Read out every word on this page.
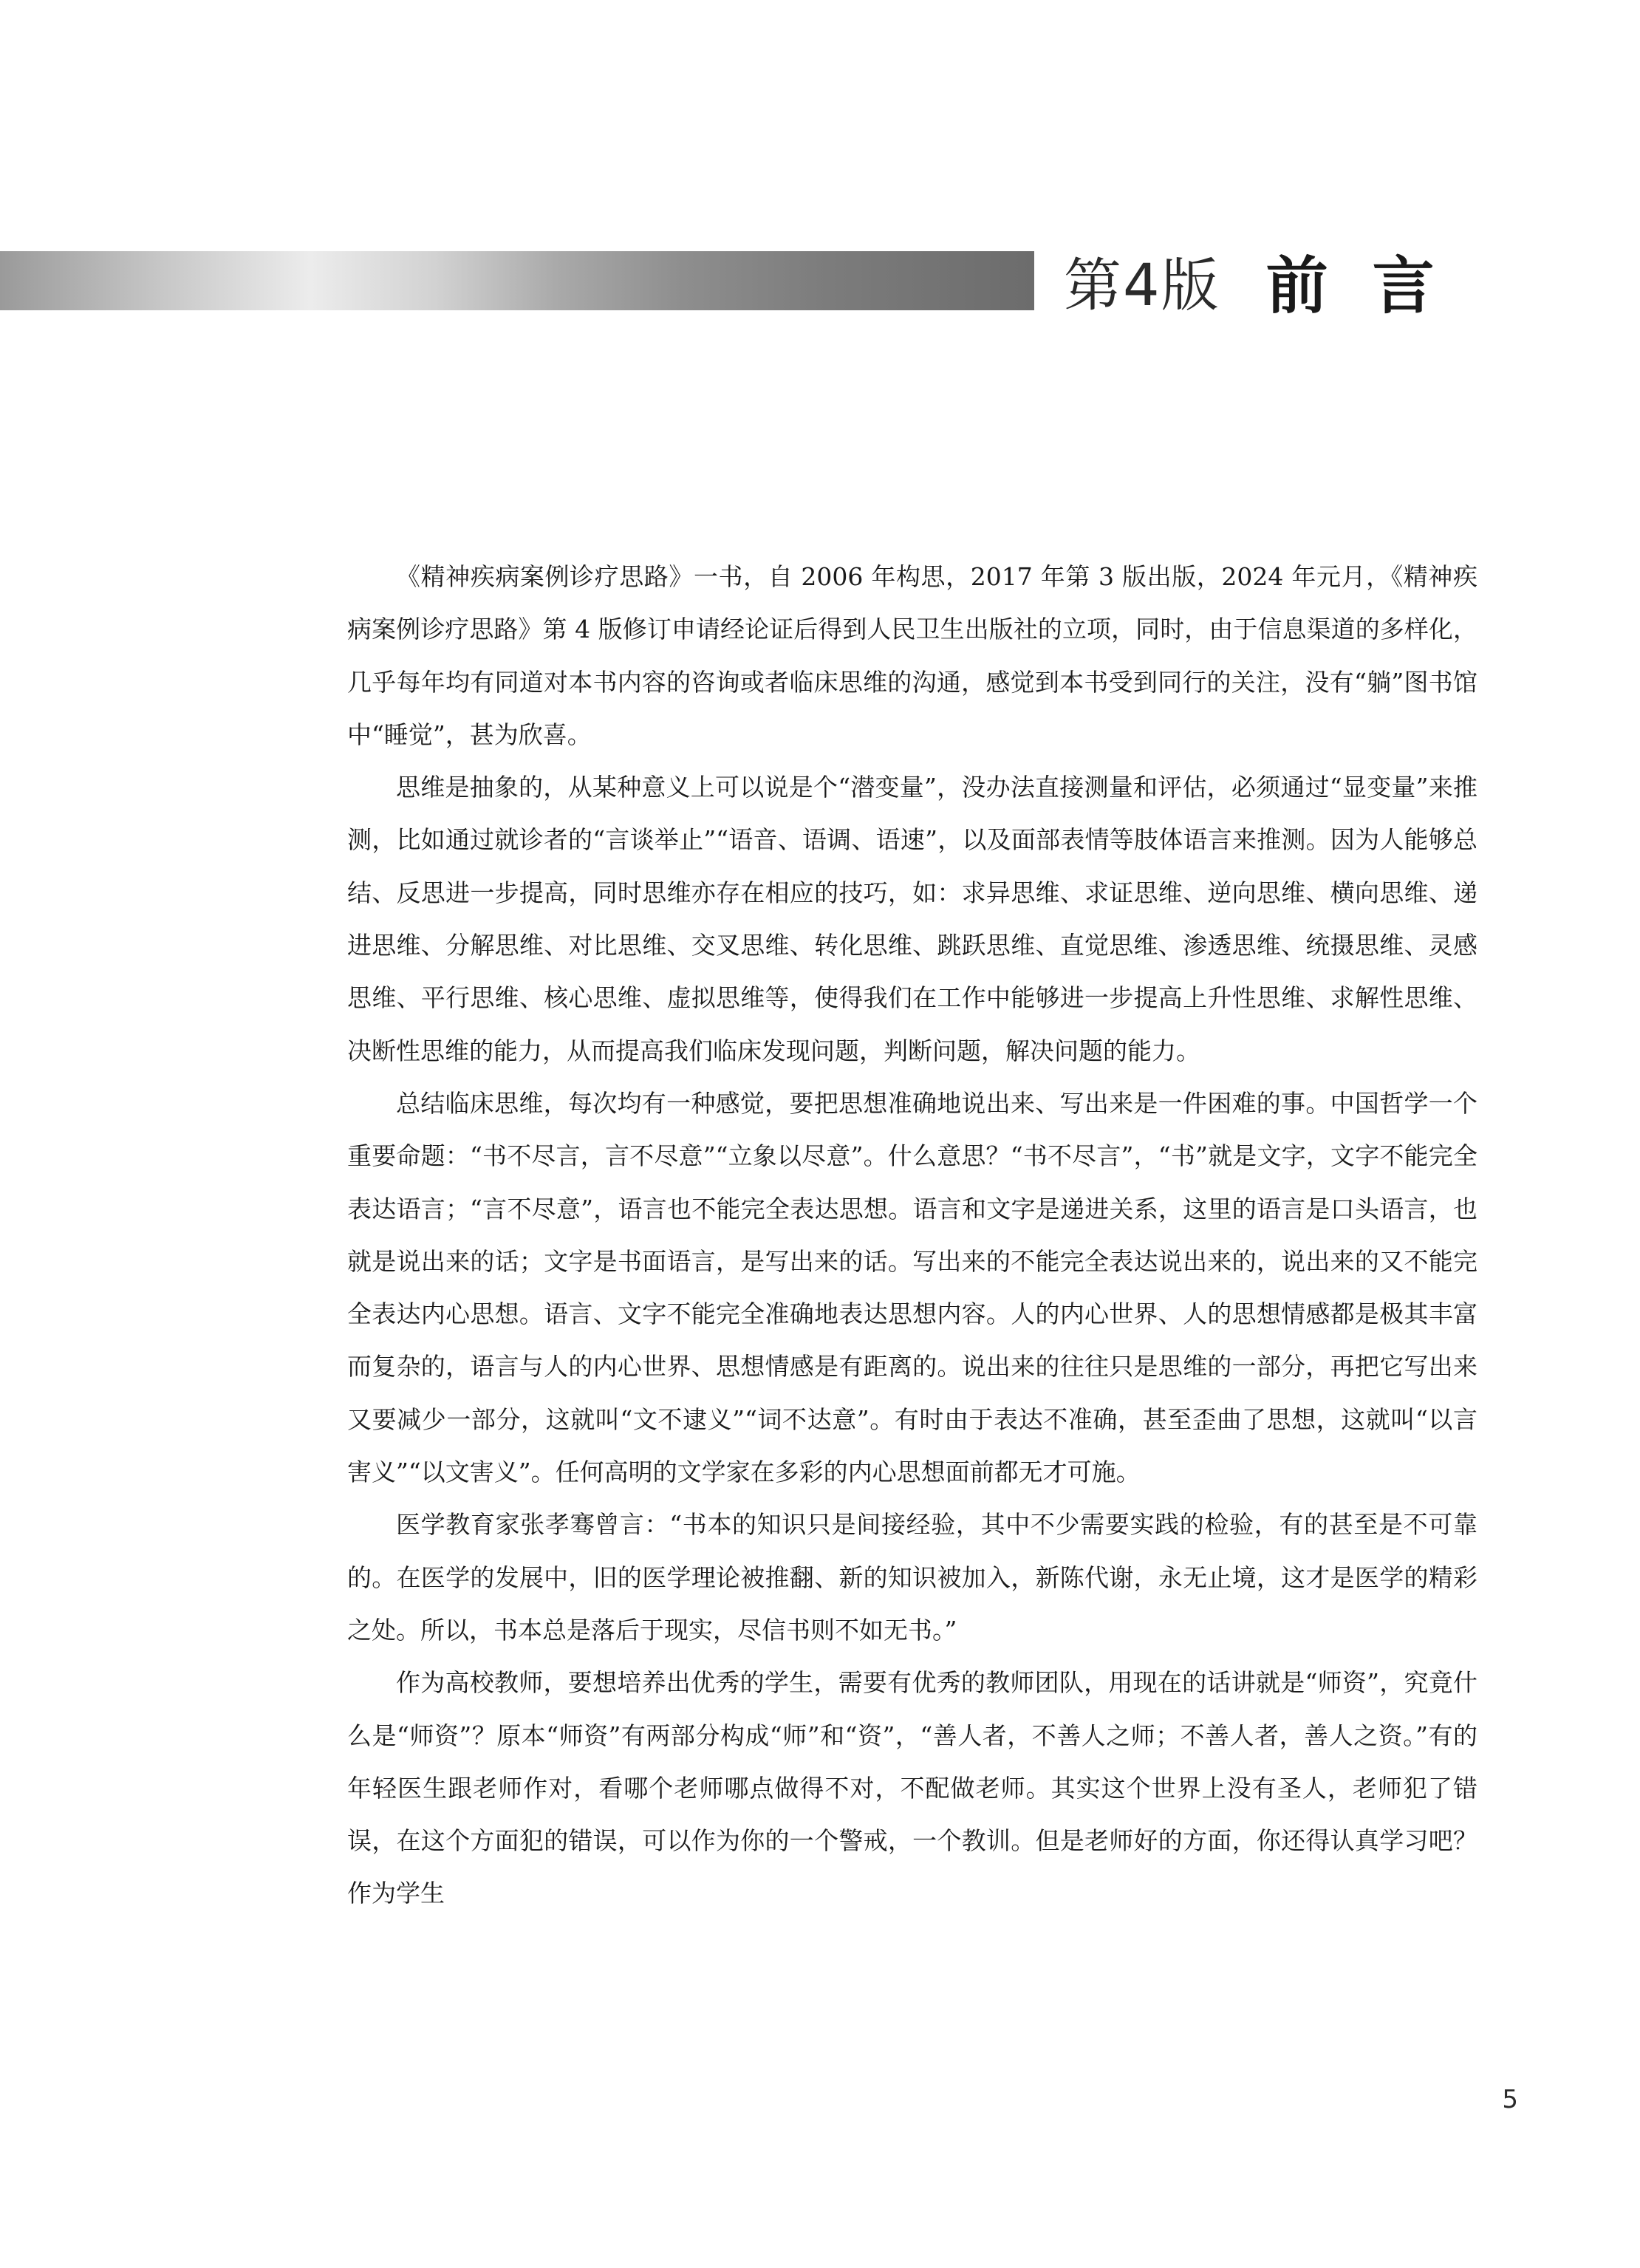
第4版 前言

《精神疾病案例诊疗思路》一书，自 2006 年构思，2017 年第 3 版出版，2024 年元月，《精神疾病案例诊疗思路》第 4 版修订申请经论证后得到人民卫生出版社的立项，同时，由于信息渠道的多样化，几乎每年均有同道对本书内容的咨询或者临床思维的沟通，感觉到本书受到同行的关注，没有“躺”图书馆中“睡觉”，甚为欣喜。

思维是抽象的，从某种意义上可以说是个“潜变量”，没办法直接测量和评估，必须通过“显变量”来推测，比如通过就诊者的“言谈举止”“语音、语调、语速”，以及面部表情等肢体语言来推测。因为人能够总结、反思进一步提高，同时思维亦存在相应的技巧，如：求异思维、求证思维、逆向思维、横向思维、递进思维、分解思维、对比思维、交叉思维、转化思维、跳跃思维、直觉思维、渗透思维、统摄思维、灵感思维、平行思维、核心思维、虚拟思维等，使得我们在工作中能够进一步提高上升性思维、求解性思维、决断性思维的能力，从而提高我们临床发现问题，判断问题，解决问题的能力。

总结临床思维，每次均有一种感觉，要把思想准确地说出来、写出来是一件困难的事。中国哲学一个重要命题：“书不尽言，言不尽意”“立象以尽意”。什么意思？“书不尽言”，“书”就是文字，文字不能完全表达语言；“言不尽意”，语言也不能完全表达思想。语言和文字是递进关系，这里的语言是口头语言，也就是说出来的话；文字是书面语言，是写出来的话。写出来的不能完全表达说出来的，说出来的又不能完全表达内心思想。语言、文字不能完全准确地表达思想内容。人的内心世界、人的思想情感都是极其丰富而复杂的，语言与人的内心世界、思想情感是有距离的。说出来的往往只是思维的一部分，再把它写出来又要减少一部分，这就叫“文不逮义”“词不达意”。有时由于表达不准确，甚至歪曲了思想，这就叫“以言害义”“以文害义”。任何高明的文学家在多彩的内心思想面前都无才可施。

医学教育家张孝骞曾言：“书本的知识只是间接经验，其中不少需要实践的检验，有的甚至是不可靠的。在医学的发展中，旧的医学理论被推翻、新的知识被加入，新陈代谢，永无止境，这才是医学的精彩之处。所以，书本总是落后于现实，尽信书则不如无书。”

作为高校教师，要想培养出优秀的学生，需要有优秀的教师团队，用现在的话讲就是“师资”，究竟什么是“师资”？原本“师资”有两部分构成“师”和“资”，“善人者，不善人之师；不善人者，善人之资。”有的年轻医生跟老师作对，看哪个老师哪点做得不对，不配做老师。其实这个世界上没有圣人，老师犯了错误，在这个方面犯的错误，可以作为你的一个警戒，一个教训。但是老师好的方面，你还得认真学习吧？作为学生

5
